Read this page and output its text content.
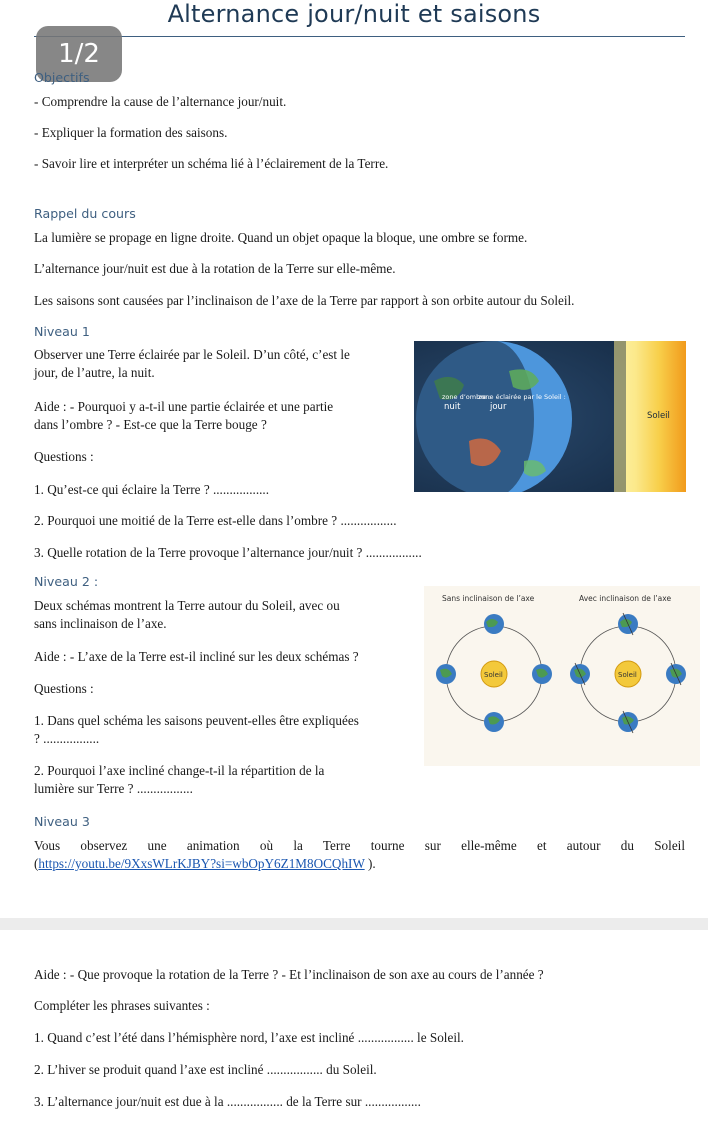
Alternance jour/nuit et saisons
1/2

Objectifs

- Comprendre la cause de l’alternance jour/nuit.

- Expliquer la formation des saisons.

- Savoir lire et interpréter un schéma lié à l’éclairement de la Terre.

Rappel du cours

La lumière se propage en ligne droite. Quand un objet opaque la bloque, une ombre se forme.

L’alternance jour/nuit est due à la rotation de la Terre sur elle-même.

Les saisons sont causées par l’inclinaison de l’axe de la Terre par rapport à son orbite autour du Soleil.

Niveau 1

Observer une Terre éclairée par le Soleil. D’un côté, c’est le

jour, de l’autre, la nuit.

Aide : - Pourquoi y a-t-il une partie éclairée et une partie

dans l’ombre ? - Est-ce que la Terre bouge ?

Questions :

1. Qu’est-ce qui éclaire la Terre ? .................

2. Pourquoi une moitié de la Terre est-elle dans l’ombre ? .................

3. Quelle rotation de la Terre provoque l’alternance jour/nuit ? .................

zone d’ombre :
nuit
zone éclairée par le Soleil :
jour
Soleil

Niveau 2 :

Deux schémas montrent la Terre autour du Soleil, avec ou

sans inclinaison de l’axe.

Aide : - L’axe de la Terre est-il incliné sur les deux schémas ?

Questions :

1. Dans quel schéma les saisons peuvent-elles être expliquées

? .................

2. Pourquoi l’axe incliné change-t-il la répartition de la

lumière sur Terre ? .................

Sans inclinaison de l’axe	Avec inclinaison de l’axe
Soleil	Soleil

Niveau 3

Vous observez une animation où la Terre tourne sur elle-même et autour du Soleil

(https://youtu.be/9XxsWLrKJBY?si=wbOpY6Z1M8OCQhIW ).

Aide : - Que provoque la rotation de la Terre ? - Et l’inclinaison de son axe au cours de l’année ?

Compléter les phrases suivantes :

1. Quand c’est l’été dans l’hémisphère nord, l’axe est incliné ................. le Soleil.

2. L’hiver se produit quand l’axe est incliné ................. du Soleil.

3. L’alternance jour/nuit est due à la ................. de la Terre sur .................
